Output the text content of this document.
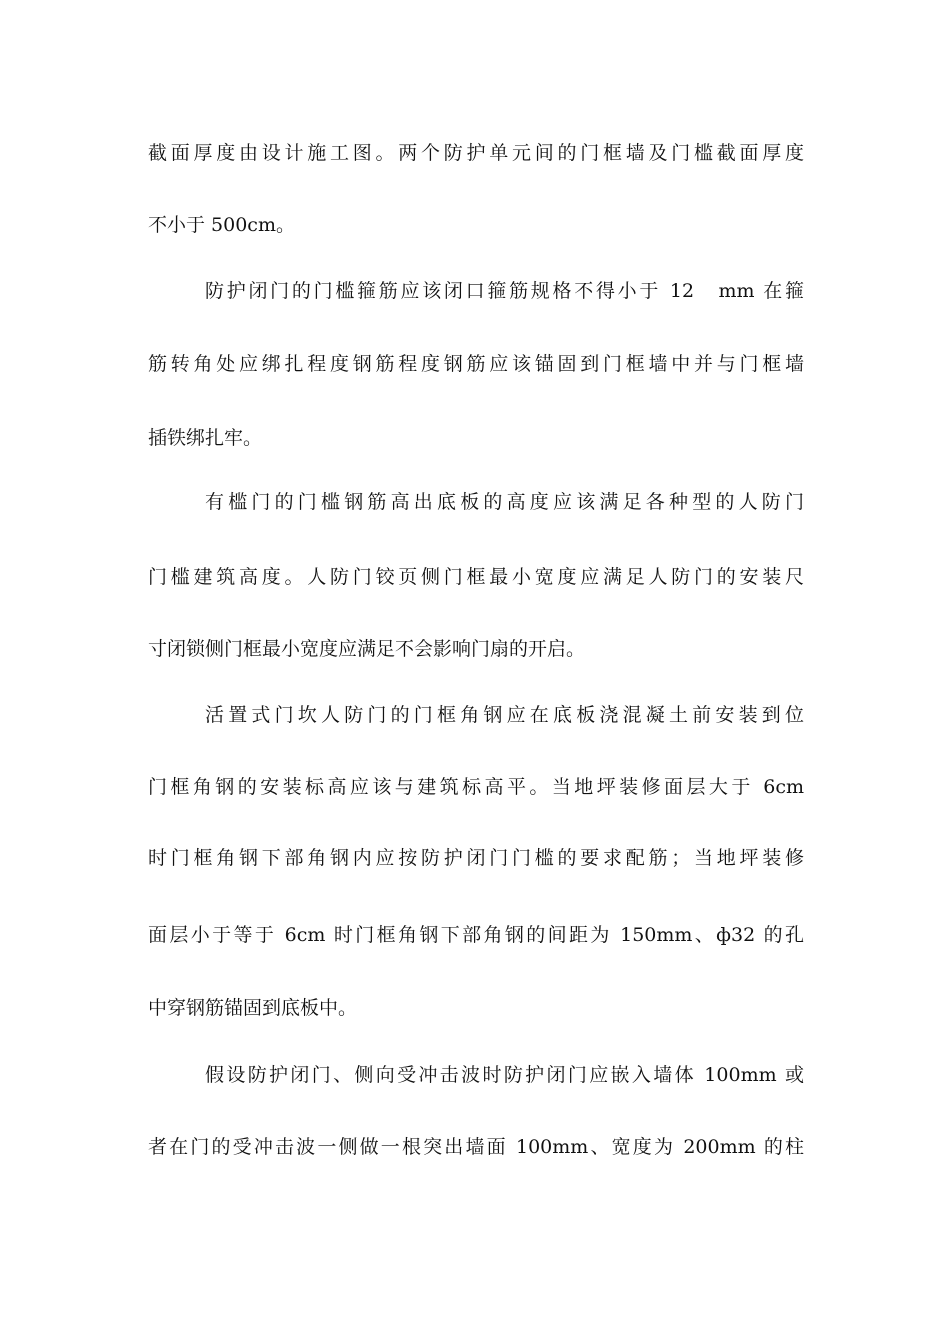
截面厚度由设计施工图。两个防护单元间的门框墙及门槛截面厚度
不小于 500cm。
防护闭门的门槛箍筋应该闭口箍筋规格不得小于 12　mm 在箍
筋转角处应绑扎程度钢筋程度钢筋应该锚固到门框墙中并与门框墙
插铁绑扎牢。
有槛门的门槛钢筋高出底板的高度应该满足各种型的人防门
门槛建筑高度。人防门铰页侧门框最小宽度应满足人防门的安装尺
寸闭锁侧门框最小宽度应满足不会影响门扇的开启。
活置式门坎人防门的门框角钢应在底板浇混凝土前安装到位
门框角钢的安装标高应该与建筑标高平。当地坪装修面层大于 6cm
时门框角钢下部角钢内应按防护闭门门槛的要求配筋；当地坪装修
面层小于等于 6cm 时门框角钢下部角钢的间距为 150mm、ф32 的孔
中穿钢筋锚固到底板中。
假设防护闭门、侧向受冲击波时防护闭门应嵌入墙体 100mm 或
者在门的受冲击波一侧做一根突出墙面 100mm、宽度为 200mm 的柱
